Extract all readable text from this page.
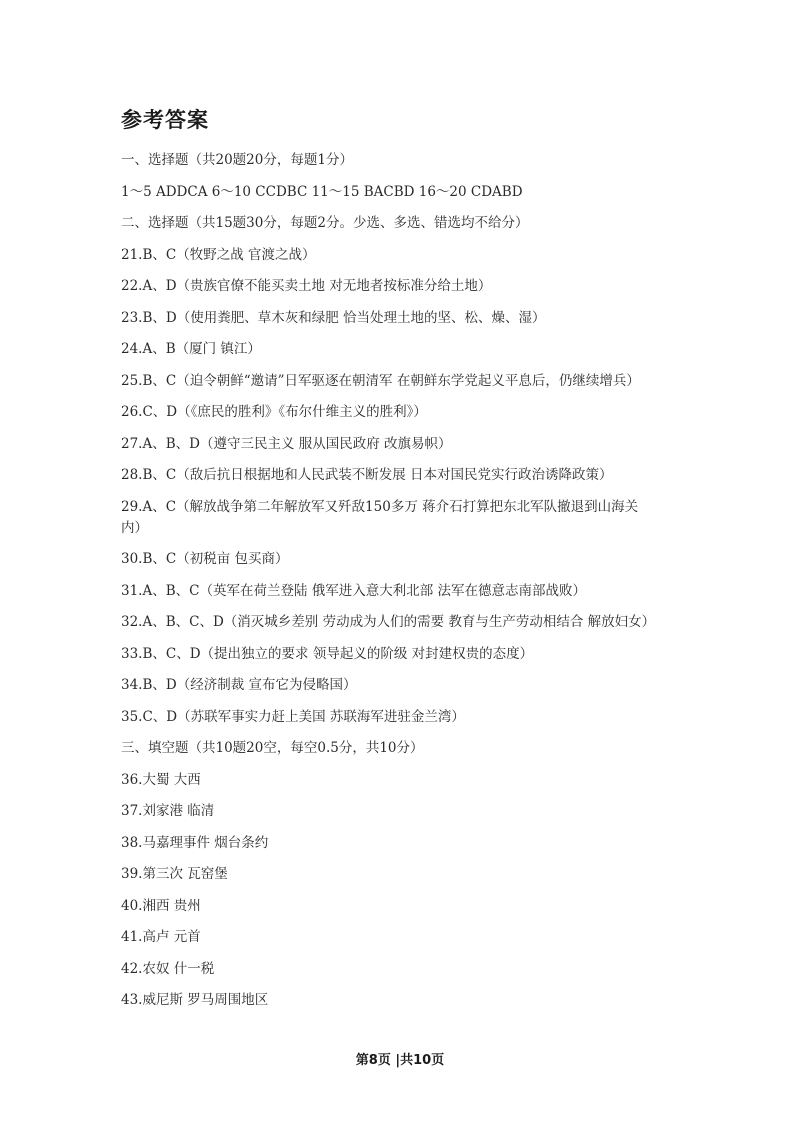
参考答案
一、选择题（共20题20分，每题1分）
1～5 ADDCA 6～10 CCDBC 11～15 BACBD 16～20 CDABD
二、选择题（共15题30分，每题2分。少选、多选、错选均不给分）
21.B、C（牧野之战 官渡之战）
22.A、D（贵族官僚不能买卖土地 对无地者按标准分给土地）
23.B、D（使用粪肥、草木灰和绿肥 恰当处理土地的坚、松、燥、湿）
24.A、B（厦门 镇江）
25.B、C（迫令朝鲜“邀请”日军驱逐在朝清军 在朝鲜东学党起义平息后，仍继续增兵）
26.C、D（《庶民的胜利》《布尔什维主义的胜利》）
27.A、B、D（遵守三民主义 服从国民政府 改旗易帜）
28.B、C（敌后抗日根据地和人民武装不断发展 日本对国民党实行政治诱降政策）
29.A、C（解放战争第二年解放军又歼敌150多万 蒋介石打算把东北军队撤退到山海关
内）
30.B、C（初税亩 包买商）
31.A、B、C（英军在荷兰登陆 俄军进入意大利北部 法军在德意志南部战败）
32.A、B、C、D（消灭城乡差别 劳动成为人们的需要 教育与生产劳动相结合 解放妇女）
33.B、C、D（提出独立的要求 领导起义的阶级 对封建权贵的态度）
34.B、D（经济制裁 宣布它为侵略国）
35.C、D（苏联军事实力赶上美国 苏联海军进驻金兰湾）
三、填空题（共10题20空，每空0.5分，共10分）
36.大蜀 大西
37.刘家港 临清
38.马嘉理事件 烟台条约
39.第三次 瓦窑堡
40.湘西 贵州
41.高卢 元首
42.农奴 什一税
43.威尼斯 罗马周围地区
第8页 |共10页
